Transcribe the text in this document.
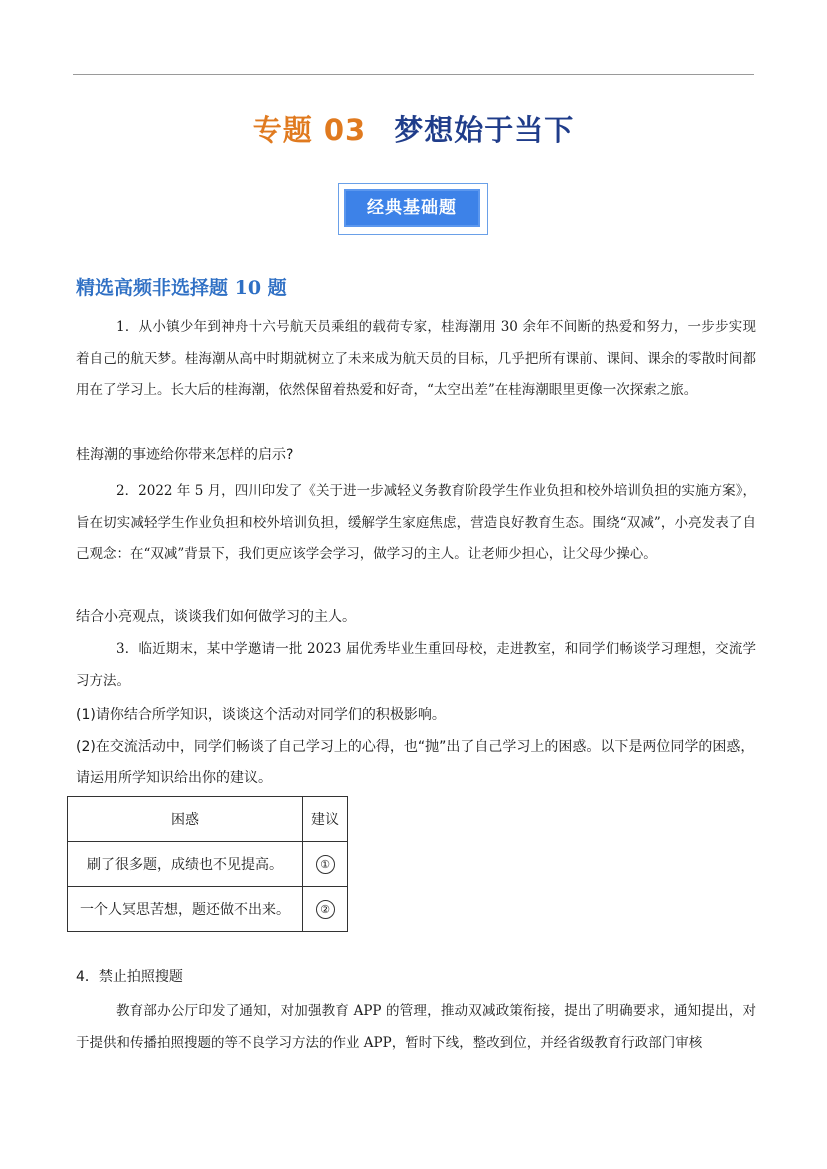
专题 03 梦想始于当下
经典基础题
精选高频非选择题 10 题
1．从小镇少年到神舟十六号航天员乘组的载荷专家，桂海潮用 30 余年不间断的热爱和努力，一步步实现着自己的航天梦。桂海潮从高中时期就树立了未来成为航天员的目标，几乎把所有课前、课间、课余的零散时间都用在了学习上。长大后的桂海潮，依然保留着热爱和好奇，“太空出差”在桂海潮眼里更像一次探索之旅。
桂海潮的事迹给你带来怎样的启示?
2．2022 年 5 月，四川印发了《关于进一步减轻义务教育阶段学生作业负担和校外培训负担的实施方案》，旨在切实减轻学生作业负担和校外培训负担，缓解学生家庭焦虑，营造良好教育生态。围绕“双减”，小亮发表了自己观念：在“双减”背景下，我们更应该学会学习，做学习的主人。让老师少担心，让父母少操心。
结合小亮观点，谈谈我们如何做学习的主人。
3．临近期末，某中学邀请一批 2023 届优秀毕业生重回母校，走进教室，和同学们畅谈学习理想，交流学习方法。
(1)请你结合所学知识，谈谈这个活动对同学们的积极影响。
(2)在交流活动中，同学们畅谈了自己学习上的心得，也“抛”出了自己学习上的困惑。以下是两位同学的困惑，请运用所学知识给出你的建议。
困惑	建议
刷了很多题，成绩也不见提高。	①
一个人冥思苦想，题还做不出来。	②
4．禁止拍照搜题
教育部办公厅印发了通知，对加强教育 APP 的管理，推动双减政策衔接，提出了明确要求，通知提出，对于提供和传播拍照搜题的等不良学习方法的作业 APP，暂时下线，整改到位，并经省级教育行政部门审核
